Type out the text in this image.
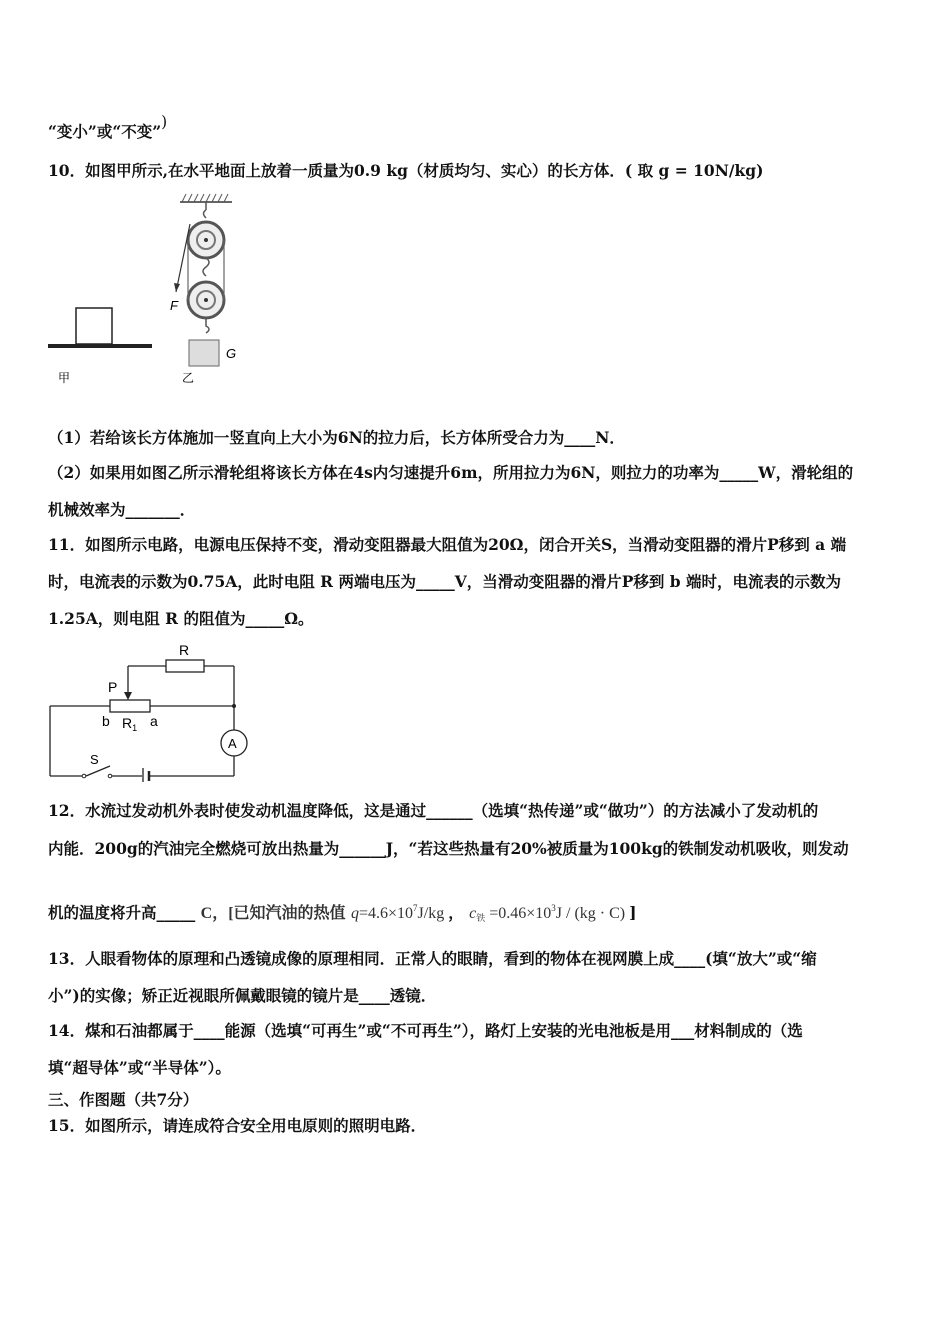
“变小”或“不变”)
10．如图甲所示,在水平地面上放着一质量为0.9 kg（材质均匀、实心）的长方体．( 取 g = 10N/kg)
甲
F
G
乙
（1）若给该长方体施加一竖直向上大小为6N的拉力后，长方体所受合力为____N．
（2）如果用如图乙所示滑轮组将该长方体在4s内匀速提升6m，所用拉力为6N，则拉力的功率为_____W，滑轮组的
机械效率为_______．
11．如图所示电路，电源电压保持不变，滑动变阻器最大阻值为20Ω，闭合开关S，当滑动变阻器的滑片P移到 a 端
时，电流表的示数为0.75A，此时电阻 R 两端电压为_____V，当滑动变阻器的滑片P移到 b 端时，电流表的示数为
1.25A，则电阻 R 的阻值为_____Ω。
A
R
P
b $R_1$ a
S
12．水流过发动机外表时使发动机温度降低，这是通过______（选填“热传递”或“做功”）的方法减小了发动机的
内能．200g的汽油完全燃烧可放出热量为______J，“若这些热量有20%被质量为100kg的铁制发动机吸收，则发动
机的温度将升高_____ C，[已知汽油的热值 $q=4.6\times 10^7J/kg$ ， $c_铁 =0.46\times 10^3J / (kg \cdot C)$ ]
13．人眼看物体的原理和凸透镜成像的原理相同．正常人的眼睛，看到的物体在视网膜上成____(填“放大”或“缩
小”)的实像；矫正近视眼所佩戴眼镜的镜片是____透镜．
14．煤和石油都属于____能源（选填“可再生”或“不可再生”），路灯上安装的光电池板是用___材料制成的（选
填“超导体”或“半导体”）。
三、作图题（共7分）
15．如图所示，请连成符合安全用电原则的照明电路．
